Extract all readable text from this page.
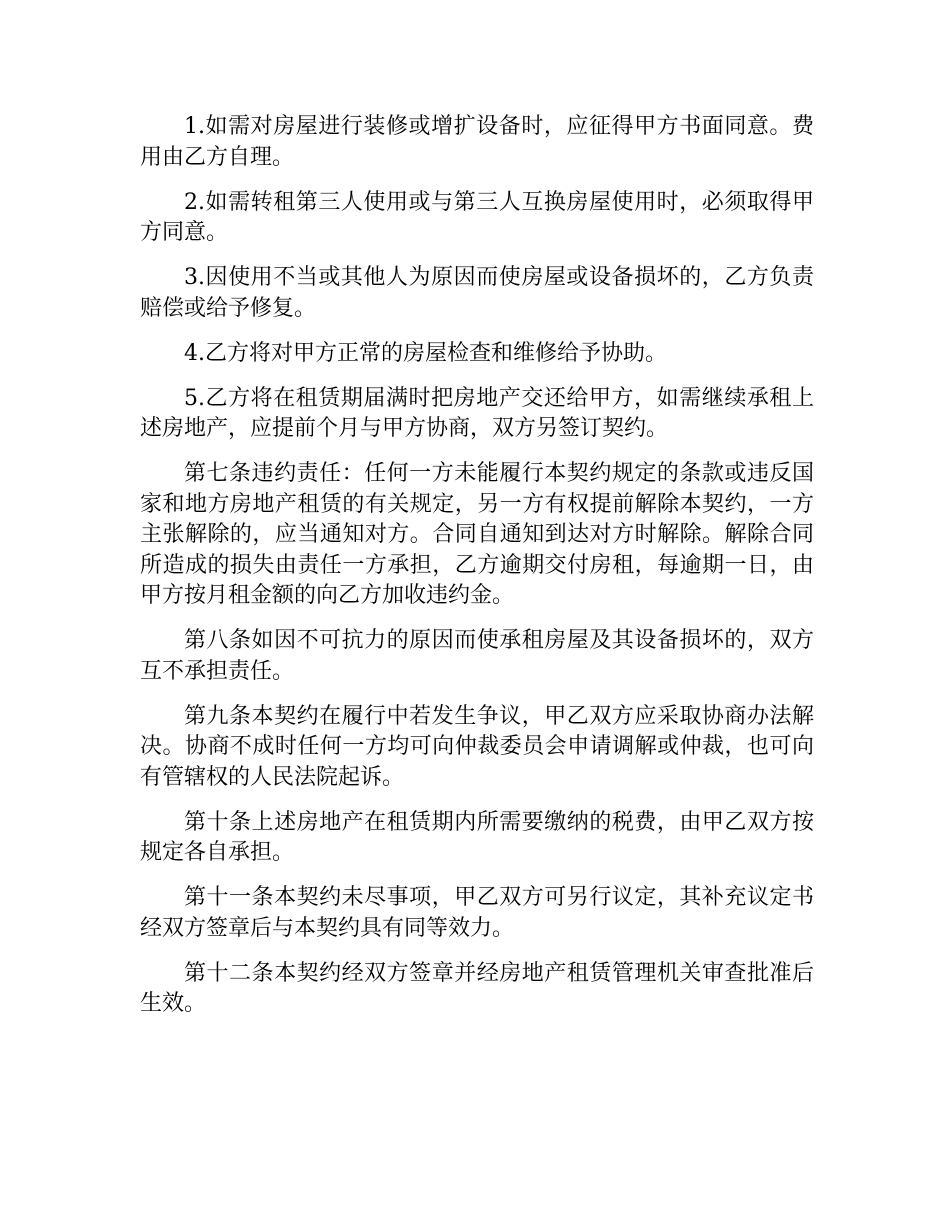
1.如需对房屋进行装修或增扩设备时，应征得甲方书面同意。费用由乙方自理。

2.如需转租第三人使用或与第三人互换房屋使用时，必须取得甲方同意。

3.因使用不当或其他人为原因而使房屋或设备损坏的，乙方负责赔偿或给予修复。

4.乙方将对甲方正常的房屋检查和维修给予协助。

5.乙方将在租赁期届满时把房地产交还给甲方，如需继续承租上述房地产，应提前个月与甲方协商，双方另签订契约。

第七条违约责任：任何一方未能履行本契约规定的条款或违反国家和地方房地产租赁的有关规定，另一方有权提前解除本契约，一方主张解除的，应当通知对方。合同自通知到达对方时解除。解除合同所造成的损失由责任一方承担，乙方逾期交付房租，每逾期一日，由甲方按月租金额的向乙方加收违约金。

第八条如因不可抗力的原因而使承租房屋及其设备损坏的，双方互不承担责任。

第九条本契约在履行中若发生争议，甲乙双方应采取协商办法解决。协商不成时任何一方均可向仲裁委员会申请调解或仲裁，也可向有管辖权的人民法院起诉。

第十条上述房地产在租赁期内所需要缴纳的税费，由甲乙双方按规定各自承担。

第十一条本契约未尽事项，甲乙双方可另行议定，其补充议定书经双方签章后与本契约具有同等效力。

第十二条本契约经双方签章并经房地产租赁管理机关审查批准后生效。
